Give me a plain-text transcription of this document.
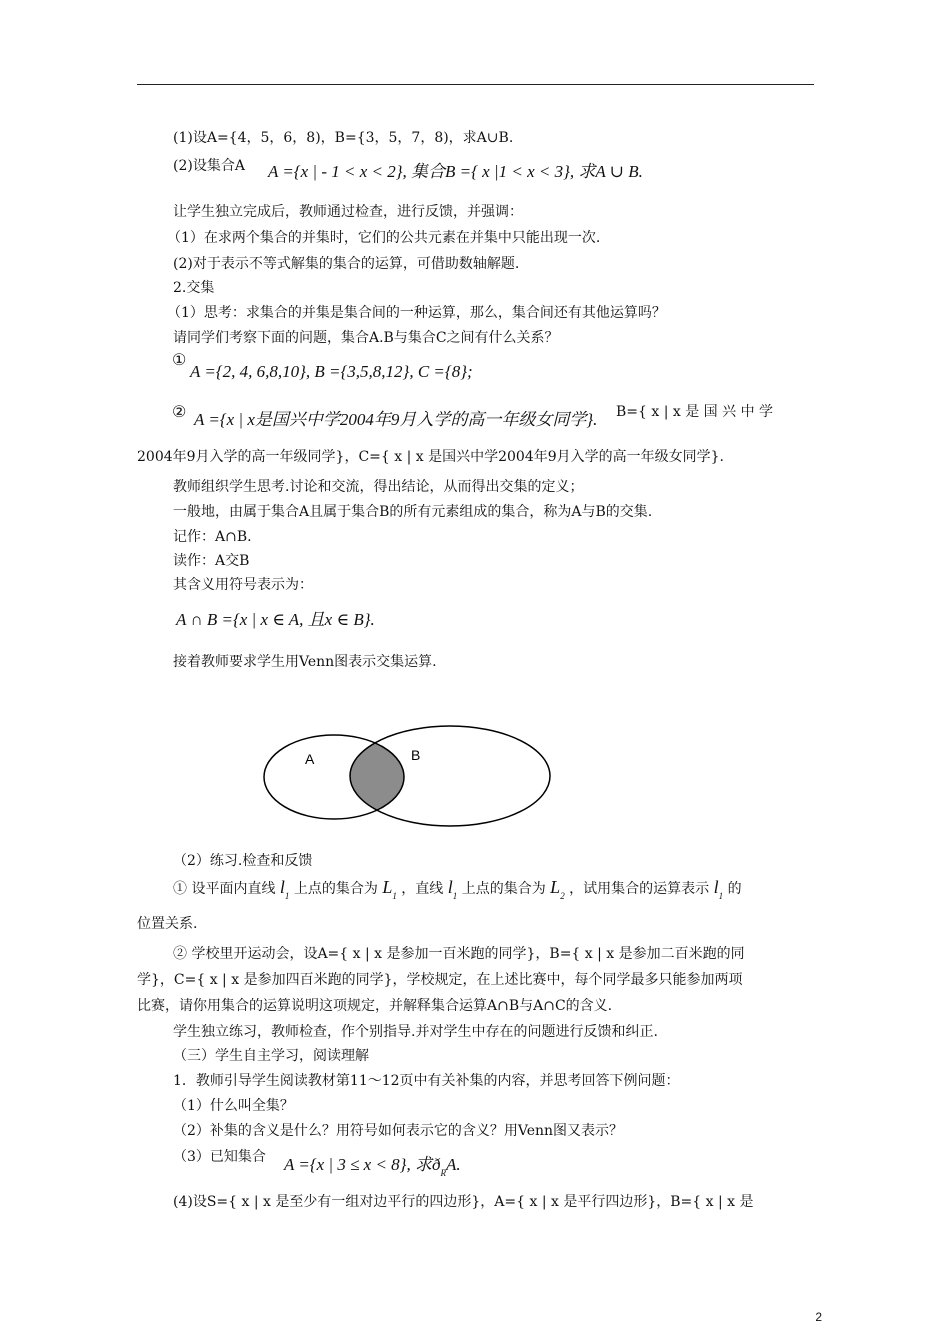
(1)设A={4，5，6，8)，B={3，5，7，8)，求A∪B.
(2)设集合A A ={x | - 1 < x < 2}, 集合B ={ x |1 < x < 3}, 求A ∪ B.
让学生独立完成后，教师通过检查，进行反馈，并强调：
（1）在求两个集合的并集时，它们的公共元素在并集中只能出现一次.
(2)对于表示不等式解集的集合的运算，可借助数轴解题.
2.交集
（1）思考：求集合的并集是集合间的一种运算，那么，集合间还有其他运算吗？
请同学们考察下面的问题，集合A.B与集合C之间有什么关系？
①
A ={2, 4, 6,8,10}, B ={3,5,8,12}, C ={8};
② A ={x | x是国兴中学2004年9月入学的高一年级女同学}. B={ x | x 是 国 兴 中 学
2004年9月入学的高一年级同学}，C={ x | x 是国兴中学2004年9月入学的高一年级女同学}.
教师组织学生思考.讨论和交流，得出结论，从而得出交集的定义；
一般地，由属于集合A且属于集合B的所有元素组成的集合，称为A与B的交集.
记作：A∩B.
读作：A交B
其含义用符号表示为：
A ∩ B ={x | x ∈ A, 且x ∈ B}.
接着教师要求学生用Venn图表示交集运算.
A	B
（2）练习.检查和反馈
① 设平面内直线 $l_1$ 上点的集合为 $L_1$ ，直线 $l_1$ 上点的集合为 $L_2$ ，试用集合的运算表示 $l_1$ 的
位置关系.
② 学校里开运动会，设A={ x | x 是参加一百米跑的同学}，B={ x | x 是参加二百米跑的同
学}，C={ x | x 是参加四百米跑的同学}，学校规定，在上述比赛中，每个同学最多只能参加两项
比赛，请你用集合的运算说明这项规定，并解释集合运算A∩B与A∩C的含义.
学生独立练习，教师检查，作个别指导.并对学生中存在的问题进行反馈和纠正.
（三）学生自主学习，阅读理解
1．教师引导学生阅读教材第11～12页中有关补集的内容，并思考回答下例问题：
（1）什么叫全集？
（2）补集的含义是什么？用符号如何表示它的含义？用Venn图又表示？
（3）已知集合 A ={x | 3 ≤ x < 8}, 求$ð_RA$.
(4)设S={ x | x 是至少有一组对边平行的四边形}，A={ x | x 是平行四边形}，B={ x | x 是
2
